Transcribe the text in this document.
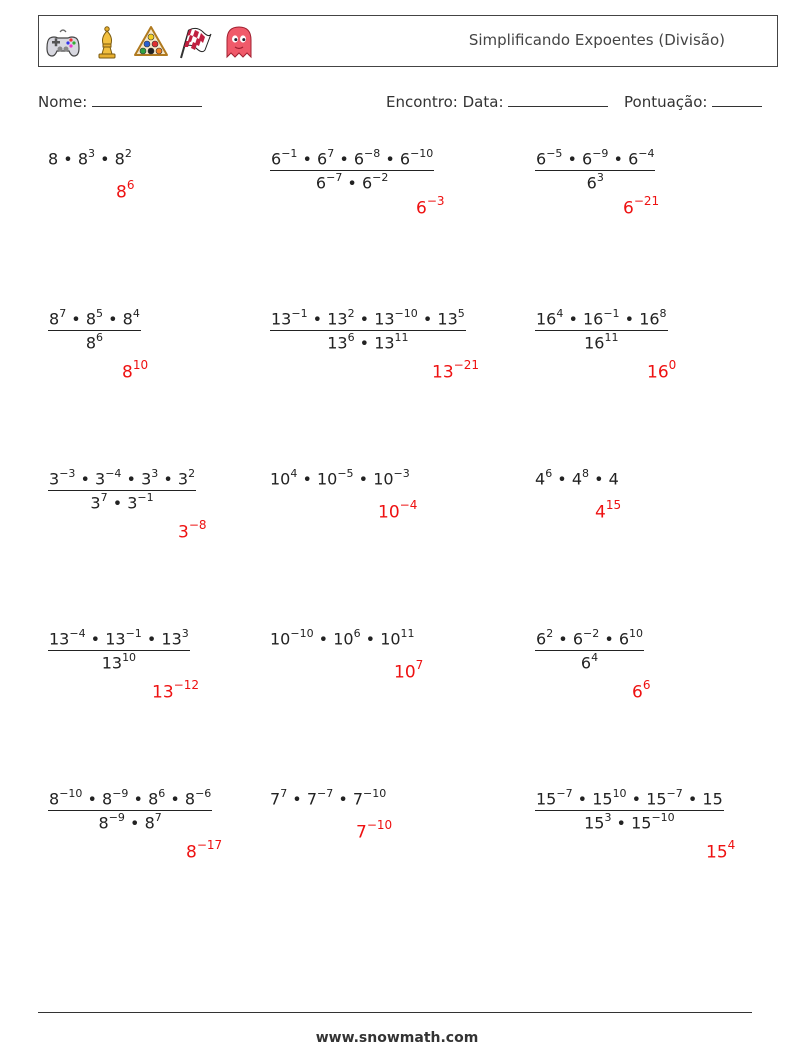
Simplificando Expoentes (Divisão)
Nome:	Encontro: Data:	Pontuação:
8 • $8^3$ • $8^2$
$8^6$	$\frac{6^{-1} • 6^7 • 6^{-8} • 6^{-10}}{6^{-7} • 6^{-2}}$
$6^{-3}$
$\frac{6^{-5} • 6^{-9} • 6^{-4}}{6^3}$
$6^{-21}$
$\frac{8^7 • 8^5 • 8^4}{8^6}$
$8^{10}$
$\frac{13^{-1} • 13^2 • 13^{-10} • 13^5}{13^6 • 13^{11}}$
$13^{-21}$
$\frac{16^4 • 16^{-1} • 16^8}{16^{11}}$
$16^0$
$\frac{3^{-3} • 3^{-4} • 3^3 • 3^2}{3^7 • 3^{-1}}$
$3^{-8}$
$10^4$ • $10^{-5}$ • $10^{-3}$
$10^{-4}$
$4^6$ • $4^8$ • 4
$4^{15}$
$\frac{13^{-4} • 13^{-1} • 13^3}{13^{10}}$
$13^{-12}$
$10^{-10}$ • $10^6$ • $10^{11}$
$10^7$	$\frac{6^2 • 6^{-2} • 6^{10}}{6^4}$
$6^6$
$\frac{8^{-10} • 8^{-9} • 8^6 • 8^{-6}}{8^{-9} • 8^7}$
$8^{-17}$
$7^7$ • $7^{-7}$ • $7^{-10}$
$7^{-10}$	$\frac{15^{-7} • 15^{10} • 15^{-7} • 15}{15^3 • 15^{-10}}$
$15^4$
www.snowmath.com
